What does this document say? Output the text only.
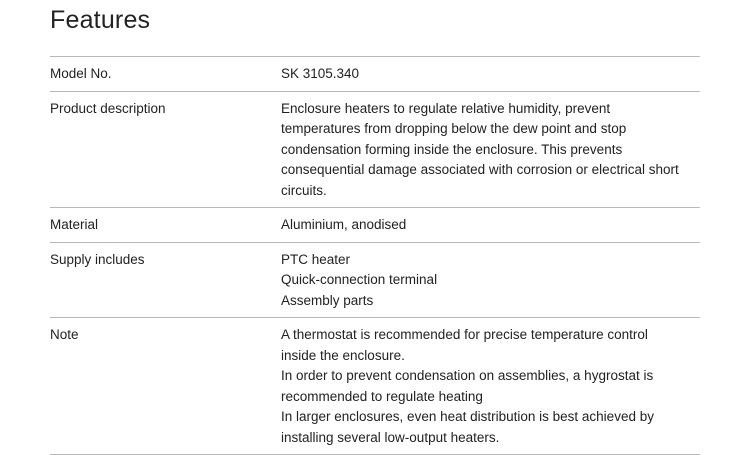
Features
Model No.	SK 3105.340
Product description	Enclosure heaters to regulate relative humidity, prevent
temperatures from dropping below the dew point and stop
condensation forming inside the enclosure. This prevents
consequential damage associated with corrosion or electrical short
circuits.
Material	Aluminium, anodised
Supply includes	PTC heater
Quick-connection terminal
Assembly parts
Note	A thermostat is recommended for precise temperature control
inside the enclosure.
In order to prevent condensation on assemblies, a hygrostat is
recommended to regulate heating
In larger enclosures, even heat distribution is best achieved by
installing several low-output heaters.
